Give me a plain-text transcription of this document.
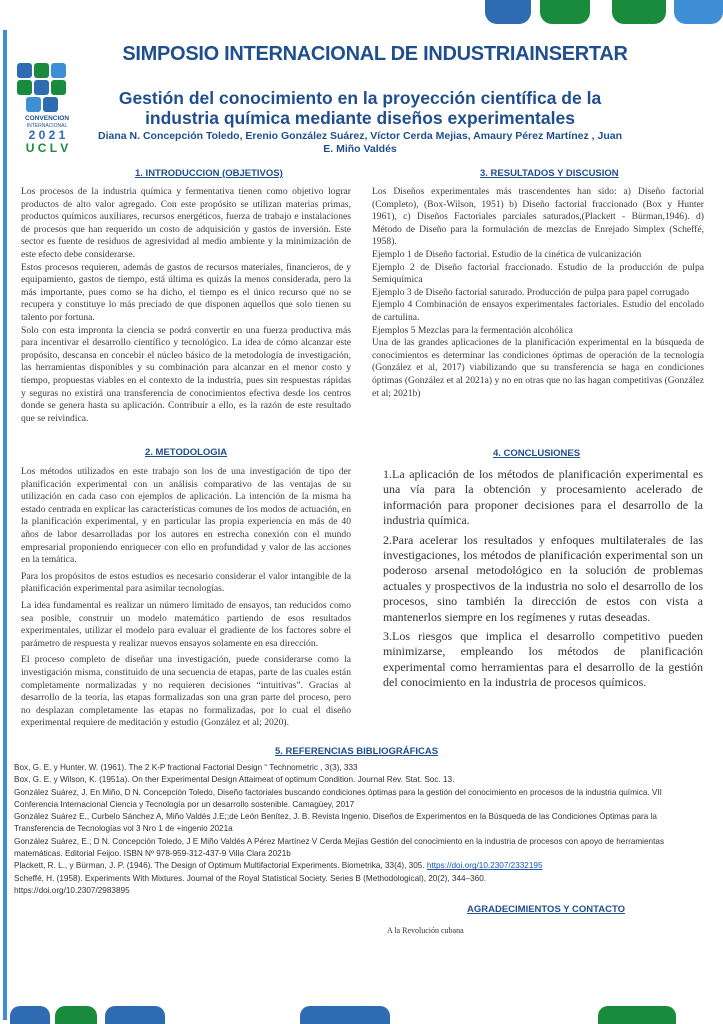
CONVENCION
INTERNACIONAL
2 0 2 1
U C L V
SIMPOSIO INTERNACIONAL DE INDUSTRIAINSERTAR
Gestión del conocimiento en la proyección científica de la
industria química mediante diseños experimentales
Diana N. Concepción Toledo, Erenio González Suárez, Víctor Cerda Mejias, Amaury Pérez Martínez , Juan
E. Miño Valdés
1. INTRODUCCION (OBJETIVOS)

Los procesos de la industria química y fermentativa tienen como objetivo lograr productos de alto valor agregado. Con este propósito se utilizan materias primas, productos químicos auxiliares, recursos energéticos, fuerza de trabajo e instalaciones de procesos que han requerido un costo de adquisición y gastos de inversión. Este sector es fuente de residuos de agresividad al medio ambiente y la minimización de este efecto debe considerarse.

Estos procesos requieren, además de gastos de recursos materiales, financieros, de y equipamiento, gastos de tiempo, está última es quizás la menos considerada, pero la más importante, pues como se ha dicho, el tiempo es el único recurso que no se recupera y constituye lo más preciado de que disponen aquellos que solo tienen su talento por fortuna.

Solo con esta impronta la ciencia se podrá convertir en una fuerza productiva más para incentivar el desarrollo científico y tecnológico. La idea de cómo alcanzar este propósito, descansa en concebir el núcleo básico de la metodología de investigación, las herramientas disponibles y su combinación para alcanzar en el menor costo y tiempo, propuestas viables en el contexto de la industria, pues sin respuestas rápidas y seguras no existirá una transferencia de conocimientos efectiva desde los centros donde se genera hasta su aplicación. Contribuir a ello, es la razón de este resultado que se reivindica.

2. METODOLOGIA

Los métodos utilizados en este trabajo son los de una investigación de tipo der planificación experimental con un análisis comparativo de las ventajas de su utilización en cada caso con ejemplos de aplicación. La intención de la misma ha estado centrada en explicar las características comunes de los modos de actuación, en la planificación experimental, y en particular las propia experiencia en más de 40 años de labor desarrolladas por los autores en estrecha conexión con el mundo empresarial proponiendo enriquecer con ello en profundidad y valor de las acciones en la temática.

Para los propósitos de estos estudios es necesario considerar el valor intangible de la planificación experimental para asimilar tecnologías.

La idea fundamental es realizar un número limitado de ensayos, tan reducidos como sea posible, construir un modelo matemático partiendo de esos resultados experimentales, utilizar el modelo para evaluar el gradiente de los factores sobre el parámetro de respuesta y realizar nuevos ensayos solamente en esa dirección.

El proceso completo de diseñar una investigación, puede considerarse como la investigación misma, constituido de una secuencia de etapas, parte de las cuales están completamente normalizadas y no requieren decisiones “intuitivas”. Gracias al desarrollo de la teoría, las etapas formalizadas son una gran parte del proceso, pero no desplazan completamente las etapas no formalizadas, por lo cual el diseño experimental requiere de meditación y estudio (González et al; 2020).

3. RESULTADOS Y DISCUSION

Los Diseños experimentales más trascendentes han sido: a) Diseño factorial (Completo), (Box-Wilson, 1951) b) Diseño factorial fraccionado (Box y Hunter 1961), c) Diseños Factoriales parciales saturados,(Plackett - Bürman,1946). d) Método de Diseño para la formulación de mezclas de Enrejado Simplex (Scheffé, 1958).

Ejemplo 1 de Diseño factorial. Estudio de la cinética de vulcanización

Ejemplo 2 de Diseño factorial fraccionado. Estudio de la producción de pulpa Semiquímica

Ejemplo 3 de Diseño factorial saturado. Producción de pulpa para papel corrugado

Ejemplo 4 Combinación de ensayos experimentales factoriales. Estudio del encolado de cartulina.

Ejemplos 5 Mezclas para la fermentación alcohólica

Una de las grandes aplicaciones de la planificación experimental en la búsqueda de conocimientos es determinar las condiciones óptimas de operación de la tecnología (González et al, 2017) viabilizando que su transferencia se haga en condiciones óptimas (González et al 2021a) y no en otras que no las hagan competitivas (González et al; 2021b)

4. CONCLUSIONES

1.La aplicación de los métodos de planificación experimental es una vía para la obtención y procesamiento acelerado de información para proponer decisiones para el desarrollo de la industria química.

2.Para acelerar los resultados y enfoques multilaterales de las investigaciones, los métodos de planificación experimental son un poderoso arsenal metodológico en la solución de problemas actuales y prospectivos de la industria no solo el desarrollo de los procesos, sino también la dirección de estos con vista a mantenerlos siempre en los regímenes y rutas deseadas.

3.Los riesgos que implica el desarrollo competitivo pueden minimizarse, empleando los métodos de planificación experimental como herramientas para el desarrollo de la gestión del conocimiento en la industria de procesos químicos.

5. REFERENCIAS BIBLIOGRÁFICAS

Box, G. E. y Hunter, W. (1961). The 2 K-P fractional Factorial Design “ Technometric , 3(3), 333

Box, G. E. y Wilson, K. (1951a). On ther Experimental Design Attaimeat of optimum Condition. Journal Rev. Stat. Soc. 13.

González Suárez, J. En Miño, D N. Concepción Toledo, Diseño factoriales buscando condiciones óptimas para la gestión del conocimiento en procesos de la industria química. VII Conferencia Internacional Ciencia y Tecnología por un desarrollo sostenible. Camagüey, 2017

González Suárez E., Curbelo Sánchez A, Miño Valdés J.E;;de León Benítez, J. B. Revista Ingenio. Diseños de Experimentos en la Búsqueda de las Condiciones Óptimas para la Transferencia de Tecnologías vol 3 Nro 1 de +ingenio 2021a

González Suárez, E.; D N. Concepción Toledo, J E Miño Valdés A Pérez Martínez V Cerda Mejías Gestión del conocimiento en la industria de procesos con apoyo de herramientas matemáticas. Editorial Feijoo. ISBN Nº 978-959-312-437-9 Villa Clara 2021b

Plackett, R. L., y Bürman, J. P. (1946). The Design of Optimum Multifactorial Experiments. Biometrika, 33(4), 305. https://doi.org/10.2307/2332195

Scheffé, H. (1958). Experiments With Mixtures. Journal of the Royal Statistical Society. Series B (Methodological), 20(2), 344–360.

https://doi.org/10.2307/2983895

AGRADECIMIENTOS Y CONTACTO
A la Revolución cubana
